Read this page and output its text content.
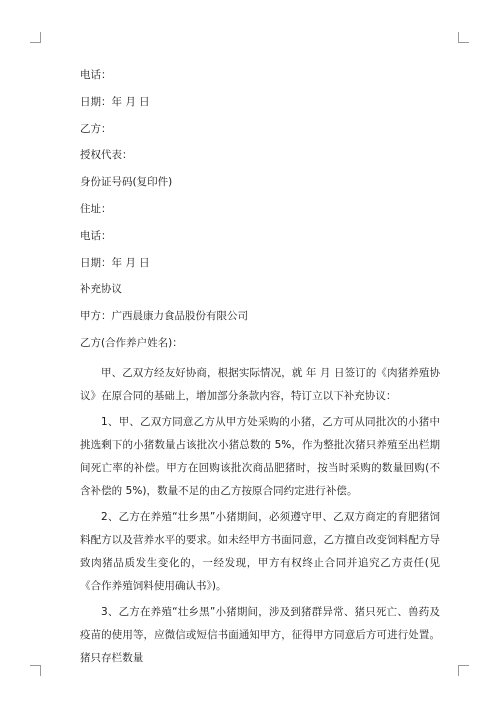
电话：
日期：年 月 日
乙方：
授权代表：
身份证号码(复印件)
住址：
电话：
日期：年 月 日
补充协议
甲方：广西晨康力食品股份有限公司
乙方(合作养户姓名)：

甲、乙双方经友好协商，根据实际情况，就 年 月 日签订的《肉猪养殖协议》在原合同的基础上，增加部分条款内容，特订立以下补充协议：

1、甲、乙双方同意乙方从甲方处采购的小猪，乙方可从同批次的小猪中挑选剩下的小猪数量占该批次小猪总数的 5%，作为整批次猪只养殖至出栏期间死亡率的补偿。甲方在回购该批次商品肥猪时，按当时采购的数量回购(不含补偿的 5%)，数量不足的由乙方按原合同约定进行补偿。

2、乙方在养殖“壮乡黑”小猪期间，必须遵守甲、乙双方商定的育肥猪饲料配方以及营养水平的要求。如未经甲方书面同意，乙方擅自改变饲料配方导致肉猪品质发生变化的，一经发现，甲方有权终止合同并追究乙方责任(见《合作养殖饲料使用确认书》)。

3、乙方在养殖“壮乡黑”小猪期间，涉及到猪群异常、猪只死亡、兽药及疫苗的使用等，应微信或短信书面通知甲方，征得甲方同意后方可进行处置。猪只存栏数量
